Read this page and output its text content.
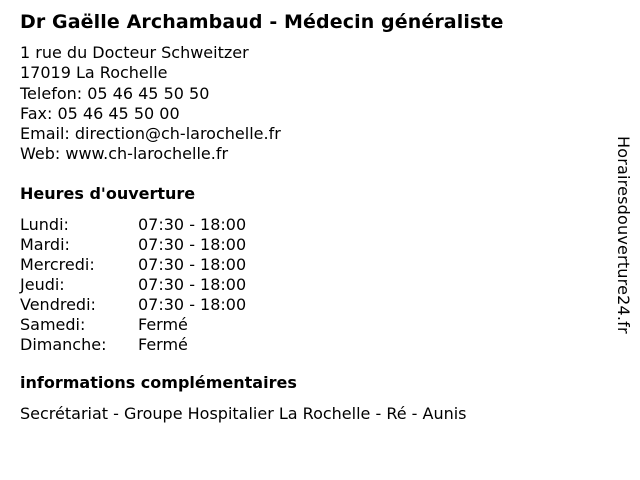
Dr Gaëlle Archambaud - Médecin généraliste
1 rue du Docteur Schweitzer
17019 La Rochelle
Telefon: 05 46 45 50 50
Fax: 05 46 45 50 00
Email: direction@ch-larochelle.fr
Web: www.ch-larochelle.fr
Heures d'ouverture
Lundi:	07:30 - 18:00
Mardi:	07:30 - 18:00
Mercredi:	07:30 - 18:00
Jeudi:	07:30 - 18:00
Vendredi:	07:30 - 18:00
Samedi:	Fermé
Dimanche:	Fermé
informations complémentaires
Secrétariat - Groupe Hospitalier La Rochelle - Ré - Aunis
Horairesdouverture24.fr
